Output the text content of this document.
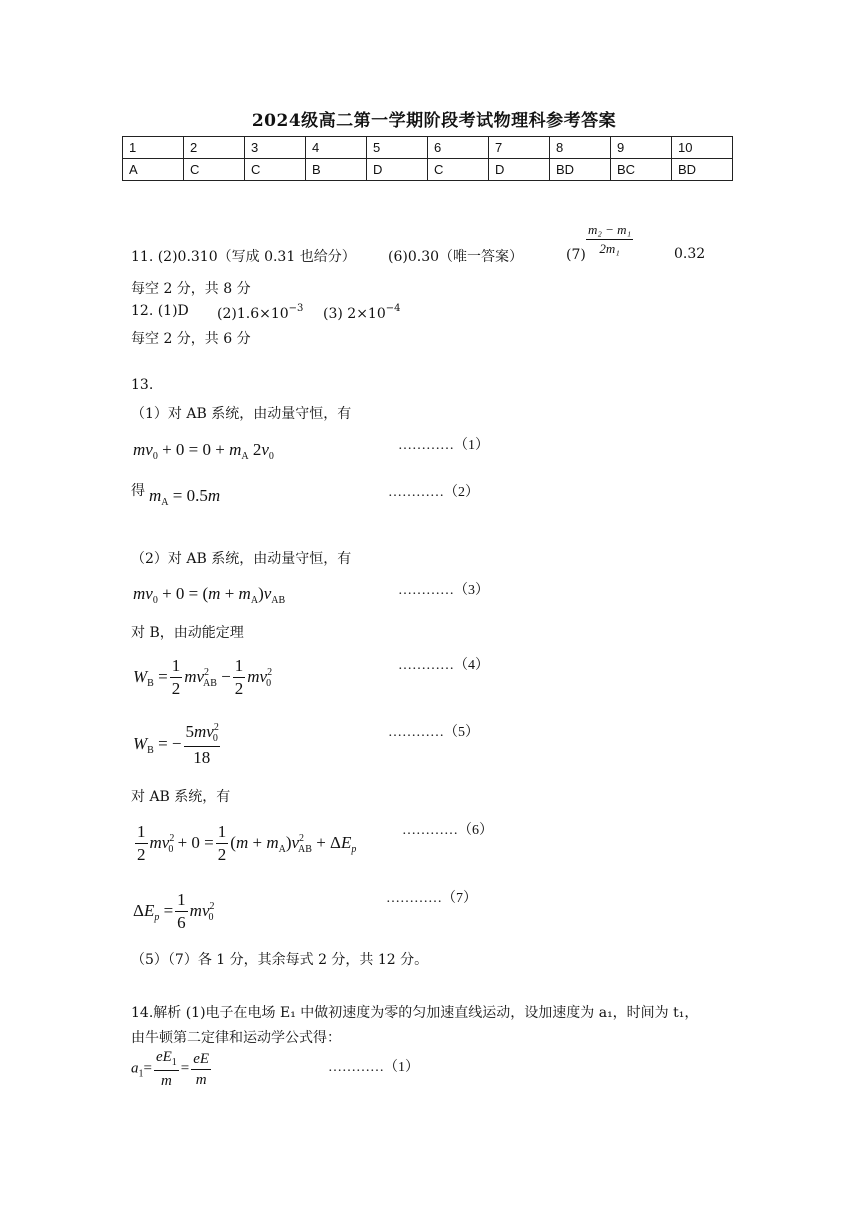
2024级高二第一学期阶段考试物理科参考答案
1	2	3	4	5	6	7	8	9	10
A	C	C	B	D	C	D	BD	BC	BD
11. (2)0.310（写成 0.31 也给分） (6)0.30（唯一答案）	$(7) \frac{\text{m₂ − m₁}}{\text{2m₁}}$	0.32
每空 2 分，共 8 分
12. (1)D $(2)1.6\times 10^{-3}$ (3) $2\times 10^{-4}$
每空 2 分，共 6 分
13.
（1）对 AB 系统，由动量守恒，有
$mv_0 + 0 = 0 + m_A$ $2v_0$
…………（1）
得 $m_A = 0.5m$	…………（2）
（2）对 AB 系统，由动量守恒，有
$mv_0 + 0 = (m + m_A)v_{AB}$
…………（3）
对 B，由动能定理
$W_B = \frac{1}{2} mv^2_{AB} - \frac{1}{2} mv^2_0$
…………（4）
$W_B$ = − $\frac{5mv^2_0}{18}$	…………（5）
对 AB 系统，有
$\frac{1}{2} mv^2_0 + 0 = \frac{1}{2} (m + m_A)v^2_{AB} + \Delta E_p$
…………（6）
$\Delta E_p = \frac{1}{6} mv^2_0$
…………（7）
（5）（7）各 1 分，其余每式 2 分，共 12 分。
14.解析 (1)电子在电场 E₁ 中做初速度为零的匀加速直线运动，设加速度为 a₁，时间为 t₁，
由牛顿第二定律和运动学公式得：
$a_1= \frac{eE_1}{m} = \frac{eE}{m}$	…………（1）
